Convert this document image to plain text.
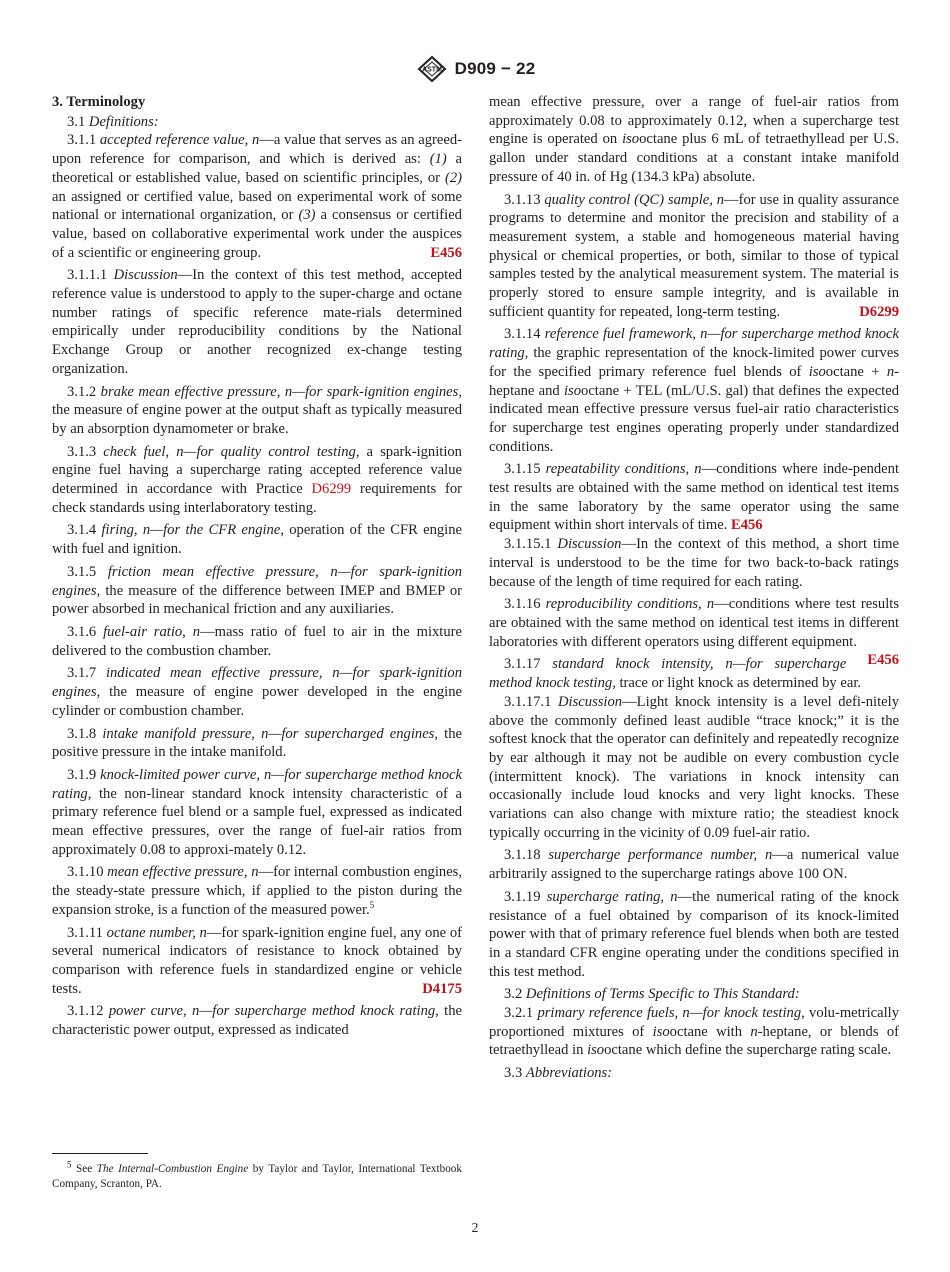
ASTM D909 − 22
3. Terminology

3.1 Definitions:

3.1.1 accepted reference value, n—a value that serves as an agreed-upon reference for comparison, and which is derived as: (1) a theoretical or established value, based on scientific principles, or (2) an assigned or certified value, based on experimental work of some national or international organization, or (3) a consensus or certified value, based on collaborative experimental work under the auspices of a scientific or engineering group.	E456

3.1.1.1 Discussion—In the context of this test method, accepted reference value is understood to apply to the super-charge and octane number ratings of specific reference mate-rials determined empirically under reproducibility conditions by the National Exchange Group or another recognized ex-change testing organization.

3.1.2 brake mean effective pressure, n—for spark-ignition engines, the measure of engine power at the output shaft as typically measured by an absorption dynamometer or brake.

3.1.3 check fuel, n—for quality control testing, a spark-ignition engine fuel having a supercharge rating accepted reference value determined in accordance with Practice D6299 requirements for check standards using interlaboratory testing.

3.1.4 firing, n—for the CFR engine, operation of the CFR engine with fuel and ignition.

3.1.5 friction mean effective pressure, n—for spark-ignition engines, the measure of the difference between IMEP and BMEP or power absorbed in mechanical friction and any auxiliaries.

3.1.6 fuel-air ratio, n—mass ratio of fuel to air in the mixture delivered to the combustion chamber.

3.1.7 indicated mean effective pressure, n—for spark-ignition engines, the measure of engine power developed in the engine cylinder or combustion chamber.

3.1.8 intake manifold pressure, n—for supercharged engines, the positive pressure in the intake manifold.

3.1.9 knock-limited power curve, n—for supercharge method knock rating, the non-linear standard knock intensity characteristic of a primary reference fuel blend or a sample fuel, expressed as indicated mean effective pressures, over the range of fuel-air ratios from approximately 0.08 to approxi-mately 0.12.

3.1.10 mean effective pressure, n—for internal combustion engines, the steady-state pressure which, if applied to the piston during the expansion stroke, is a function of the measured power.$^5$

3.1.11 octane number, n—for spark-ignition engine fuel, any one of several numerical indicators of resistance to knock obtained by comparison with reference fuels in standardized engine or vehicle tests.	D4175

3.1.12 power curve, n—for supercharge method knock rating, the characteristic power output, expressed as indicated

mean effective pressure, over a range of fuel-air ratios from approximately 0.08 to approximately 0.12, when a supercharge test engine is operated on isooctane plus 6 mL of tetraethyllead per U.S. gallon under standard conditions at a constant intake manifold pressure of 40 in. of Hg (134.3 kPa) absolute.

3.1.13 quality control (QC) sample, n—for use in quality assurance programs to determine and monitor the precision and stability of a measurement system, a stable and homogeneous material having physical or chemical properties, or both, similar to those of typical samples tested by the analytical measurement system. The material is properly stored to ensure sample integrity, and is available in sufficient quantity for repeated, long-term testing.	D6299

3.1.14 reference fuel framework, n—for supercharge method knock rating, the graphic representation of the knock-limited power curves for the specified primary reference fuel blends of isooctane + n-heptane and isooctane + TEL (mL/U.S. gal) that defines the expected indicated mean effective pressure versus fuel-air ratio characteristics for supercharge test engines operating properly under standardized conditions.

3.1.15 repeatability conditions, n—conditions where inde-pendent test results are obtained with the same method on identical test items in the same laboratory by the same operator using the same equipment within short intervals of time. E456

3.1.15.1 Discussion—In the context of this method, a short time interval is understood to be the time for two back-to-back ratings because of the length of time required for each rating.

3.1.16 reproducibility conditions, n—conditions where test results are obtained with the same method on identical test items in different laboratories with different operators using different equipment.
E456

3.1.17 standard knock intensity, n—for supercharge method knock testing, trace or light knock as determined by ear.

3.1.17.1 Discussion—Light knock intensity is a level defi-nitely above the commonly defined least audible “trace knock;” it is the softest knock that the operator can definitely and repeatedly recognize by ear although it may not be audible on every combustion cycle (intermittent knock). The variations in knock intensity can occasionally include loud knocks and very light knocks. These variations can also change with mixture ratio; the steadiest knock typically occurring in the vicinity of 0.09 fuel-air ratio.

3.1.18 supercharge performance number, n—a numerical value arbitrarily assigned to the supercharge ratings above 100 ON.

3.1.19 supercharge rating, n—the numerical rating of the knock resistance of a fuel obtained by comparison of its knock-limited power with that of primary reference fuel blends when both are tested in a standard CFR engine operating under the conditions specified in this test method.

3.2 Definitions of Terms Specific to This Standard:

3.2.1 primary reference fuels, n—for knock testing, volu-metrically proportioned mixtures of isooctane with n-heptane, or blends of tetraethyllead in isooctane which define the supercharge rating scale.

3.3 Abbreviations:

$^5$ See The Internal-Combustion Engine by Taylor and Taylor, International Textbook Company, Scranton, PA.
2
